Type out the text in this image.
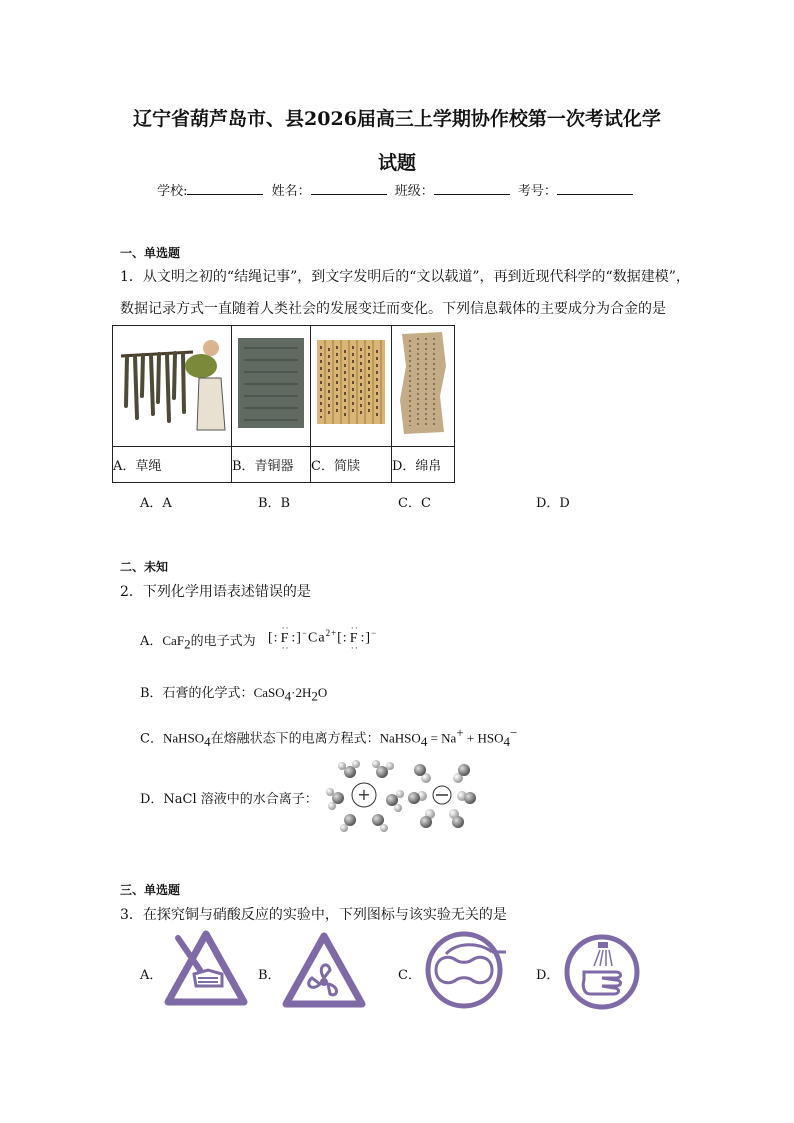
辽宁省葫芦岛市、县2026届高三上学期协作校第一次考试化学
试题
学校:	姓名：	班级：	考号：
一、单选题
1．从文明之初的“结绳记事”，到文字发明后的“文以载道”，再到近现代科学的“数据建模”，
数据记录方式一直随着人类社会的发展变迁而变化。下列信息载体的主要成分为合金的是

A．草绳	B．青铜器	C．简牍	D．绵帛
A．A	B．B	C．C	D．D
二、未知
2．下列化学用语表述错误的是
A．CaF$_2$的电子式为 [:
··
F
··
$:]^-Ca^{2+}$[:
··
F
··
:]−
B．石膏的化学式：$CaSO_4\cdot 2H_2O$
C．NaHSO$_4$在熔融状态下的电离方程式：NaHSO$_4$ = $Na^+ + HSO_4^-$
D．NaCl 溶液中的水合离子： +
三、单选题
3．在探究铜与硝酸反应的实验中，下列图标与该实验无关的是
A．	B．	C．	D．
